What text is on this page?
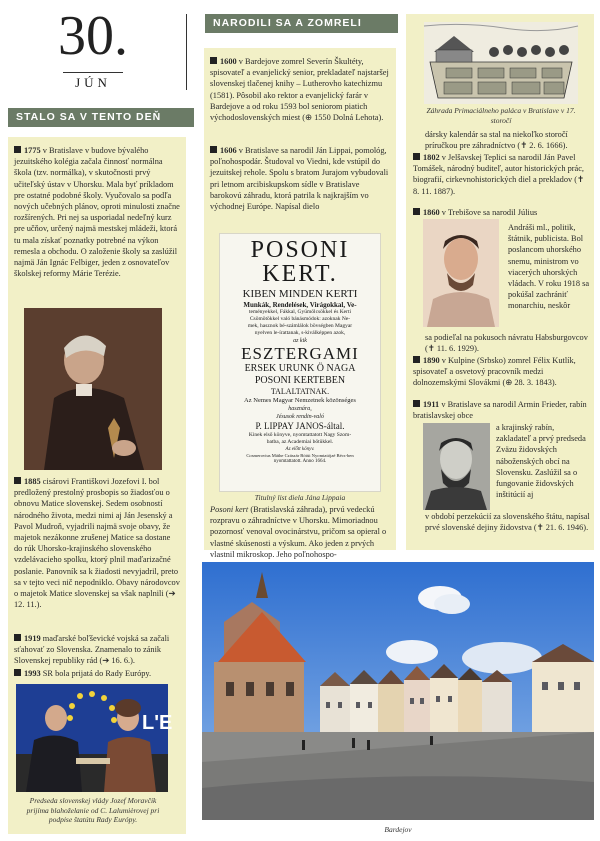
30.
JÚN
STALO SA V TENTO DEŇ
1775 v Bratislave v budove bývalého jezuitského kolégia začala činnosť normálna škola (tzv. normálka), v skutočnosti prvý učiteľský ústav v Uhorsku. Mala byť príkladom pre ostatné podobné školy. Vyučovalo sa podľa nových učebných plánov, oproti minulosti značne rozšírených. Pri nej sa usporiadal nedeľný kurz pre učňov, určený najmä mestskej mládeži, ktorá tu mala získať poznatky potrebné na výkon remesla a obchodu. O založenie školy sa zaslúžil najmä Ján Ignác Felbiger, jeden z osnovateľov školskej reformy Márie Terézie.
1885 cisárovi Františkovi Jozefovi I. bol predložený prestolný prosbopis so žiadosťou o obnovu Matice slovenskej. Sedem osobností národného života, medzi nimi aj Ján Jesenský a Pavol Mudroň, vyjadrili najmä svoje obavy, že majetok nezákonne zrušenej Matice sa dostane do rúk Uhorsko-krajinského slovenského vzdelávacieho spolku, ktorý plnil maďarizačné poslanie. Panovník sa k žiadosti nevyjadril, preto sa v tejto veci nič nepodniklo. Obavy národovcov o majetok Matice slovenskej sa však naplnili (➔ 12. 11.).
1919 maďarské boľševické vojská sa začali sťahovať zo Slovenska. Znamenalo to zánik Slovenskej republiky rád (➔ 16. 6.).
1993 SR bola prijatá do Rady Európy.
L'E
Predseda slovenskej vlády Jozef Moravčík prijíma blahoželanie od C. Lalumièrovej pri podpise štatútu Rady Európy.
NARODILI SA A ZOMRELI
1600 v Bardejove zomrel Severín Škultéty, spisovateľ a evanjelický senior, prekladateľ najstaršej slovenskej tlačenej knihy – Lutherovho katechizmu (1581). Pôsobil ako rektor a evanjelický farár v Bardejove a od roku 1593 bol seniorom piatich východoslovenských miest (⊕ 1550 Dolná Lehota).
1606 v Bratislave sa narodil Ján Lippai, pomológ, poľnohospodár. Študoval vo Viedni, kde vstúpil do jezuitskej rehole. Spolu s bratom Jurajom vybudovali pri letnom arcibiskupskom sídle v Bratislave barokovú záhradu, ktorá patrila k najkrajším vo východnej Európe. Napísal dielo
POSONI
KERT.
KIBEN MINDEN KERTI
Munkák, Rendelések, Virágokkal, Ve-
teményekkel, Fákkal, Gyümölcsökkel és Kerti
Csömötökkel való bánásmódok: azoknak Ne-
mek, hasznok bé-számlálok bövségben Magyar
nyelven le-írattanak, s-kiválképpen azok,
az kik
ESZTERGAMI
ERSEK URUNK Ö NAGA
POSONI KERTEBEN
TALALTATNAK.
Az Nemes Magyar Nemzetnek közönséges
hasznára,
Jésusok rendin-való
P. LIPPAY JANOS-által.
Kinek első könyve, nyomtattatott Nagy Szom-
batba, az Academiai bötükkel.
Az előtt könyv.
Cosmerovius Máthe Czászár Bötüi Nyomtatójaé Bécs-ben
nyomtattatott. Anno 1664.
Titulný list diela Jána Lippaia
Posoni kert (Bratislavská záhrada), prvú vedeckú rozpravu o záhradníctve v Uhorsku. Mimoriadnou pozornosť venoval ovocinárstvu, pričom sa opieral o vlastné skúsenosti a výskum. Ako jeden z prvých vlastnil mikroskop. Jeho poľnohospo-
Záhrada Primaciálneho paláca v Bratislave v 17. storočí
dársky kalendár sa stal na niekoľko storočí príručkou pre záhradníctvo (✝ 2. 6. 1666).
1802 v Jelšavskej Teplici sa narodil Ján Pavel Tomášek, národný buditeľ, autor historických prác, biografií, cirkevnohistorických diel a prekladov (✝ 8. 11. 1887).
1860 v Trebišove sa narodil Július
Andráši ml., politik, štátnik, publicista. Bol poslancom uhorského snemu, ministrom vo viacerých uhorských vládach. V roku 1918 sa pokúšal zachrániť monarchiu, neskôr
sa podieľal na pokusoch návratu Habsburgovcov (✝ 11. 6. 1929).
1890 v Kulpine (Srbsko) zomrel Félix Kutlík, spisovateľ a osvetový pracovník medzi dolnozemskými Slovákmi (⊕ 28. 3. 1843).
1911 v Bratislave sa narodil Armin Frieder, rabín bratislavskej obce
a krajinský rabín, zakladateľ a prvý predseda Zväzu židovských náboženských obcí na Slovensku. Zaslúžil sa o fungovanie židovských inštitúcií aj
v období perzekúcií za slovenského štátu, napísal prvé slovenské dejiny židovstva (✝ 21. 6. 1946).
Bardejov
